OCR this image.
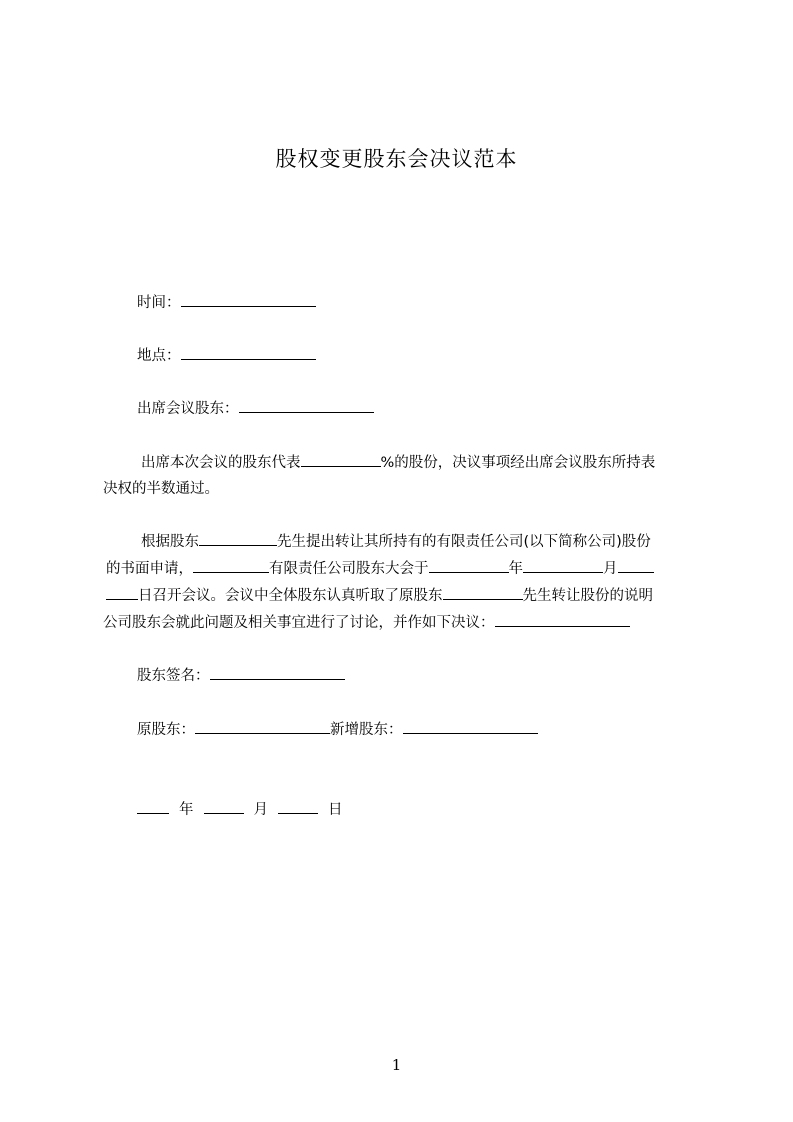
股权变更股东会决议范本
时间：
地点：
出席会议股东：
出席本次会议的股东代表	%的股份，决议事项经出席会议股东所持表
决权的半数通过。
根据股东	先生提出转让其所持有的有限责任公司(以下简称公司)股份
的书面申请，	有限责任公司股东大会于	年	月
日召开会议。会议中全体股东认真听取了原股东	先生转让股份的说明
公司股东会就此问题及相关事宜进行了讨论，并作如下决议：
股东签名：
原股东：	新增股东：
年	月	日
1
